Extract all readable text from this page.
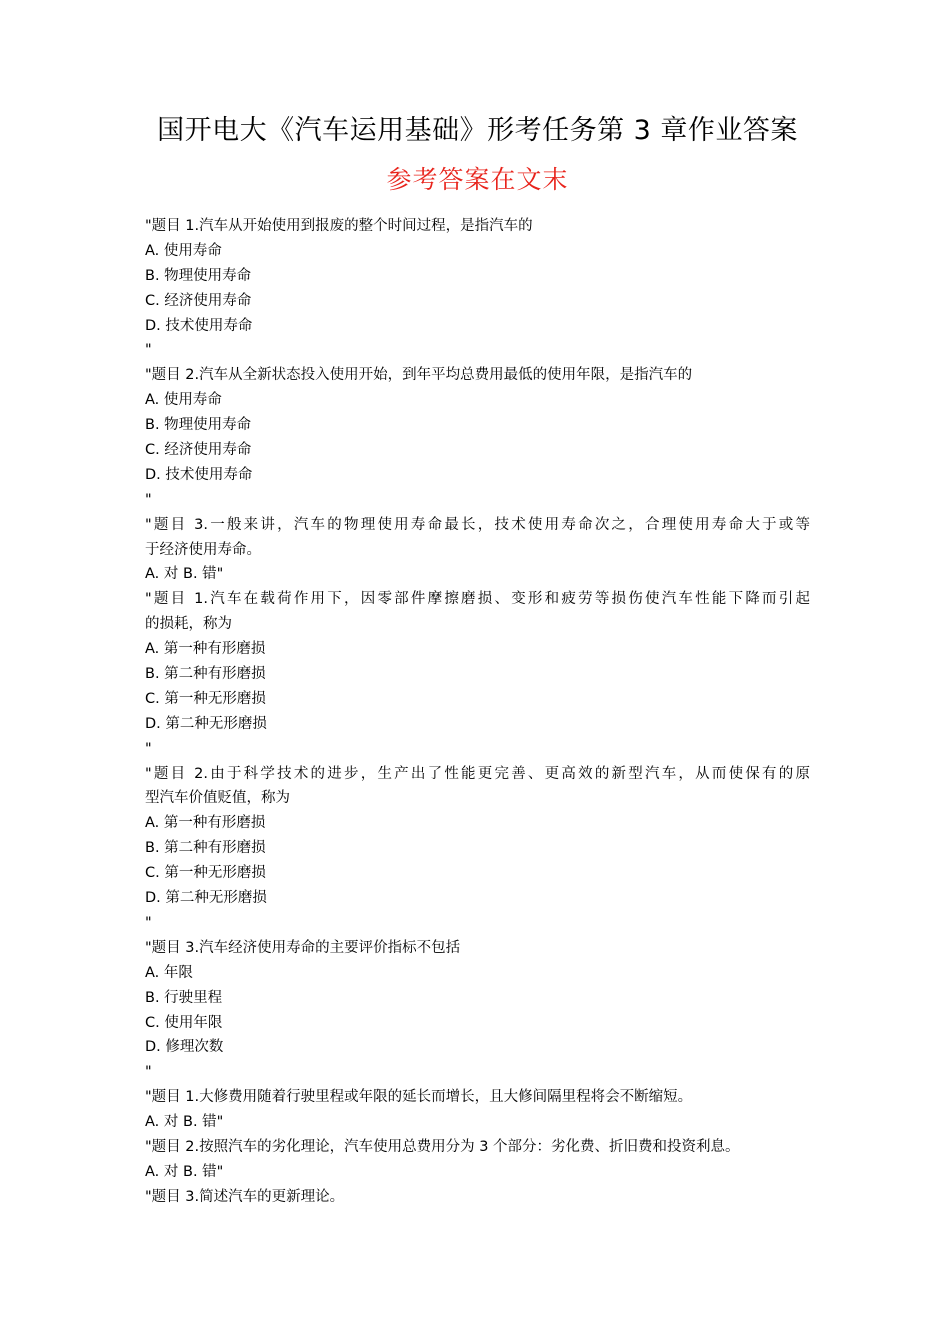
国开电大《汽车运用基础》形考任务第 3 章作业答案
参考答案在文末
"题目 1.汽车从开始使用到报废的整个时间过程，是指汽车的
A. 使用寿命
B. 物理使用寿命
C. 经济使用寿命
D. 技术使用寿命
"
"题目 2.汽车从全新状态投入使用开始，到年平均总费用最低的使用年限，是指汽车的
A. 使用寿命
B. 物理使用寿命
C. 经济使用寿命
D. 技术使用寿命
"
"题目 3.一般来讲，汽车的物理使用寿命最长，技术使用寿命次之，合理使用寿命大于或等
于经济使用寿命。
A. 对 B. 错"
"题目 1.汽车在载荷作用下，因零部件摩擦磨损、变形和疲劳等损伤使汽车性能下降而引起
的损耗，称为
A. 第一种有形磨损
B. 第二种有形磨损
C. 第一种无形磨损
D. 第二种无形磨损
"
"题目 2.由于科学技术的进步，生产出了性能更完善、更高效的新型汽车，从而使保有的原
型汽车价值贬值，称为
A. 第一种有形磨损
B. 第二种有形磨损
C. 第一种无形磨损
D. 第二种无形磨损
"
"题目 3.汽车经济使用寿命的主要评价指标不包括
A. 年限
B. 行驶里程
C. 使用年限
D. 修理次数
"
"题目 1.大修费用随着行驶里程或年限的延长而增长，且大修间隔里程将会不断缩短。
A. 对 B. 错"
"题目 2.按照汽车的劣化理论，汽车使用总费用分为 3 个部分：劣化费、折旧费和投资利息。
A. 对 B. 错"
"题目 3.简述汽车的更新理论。
